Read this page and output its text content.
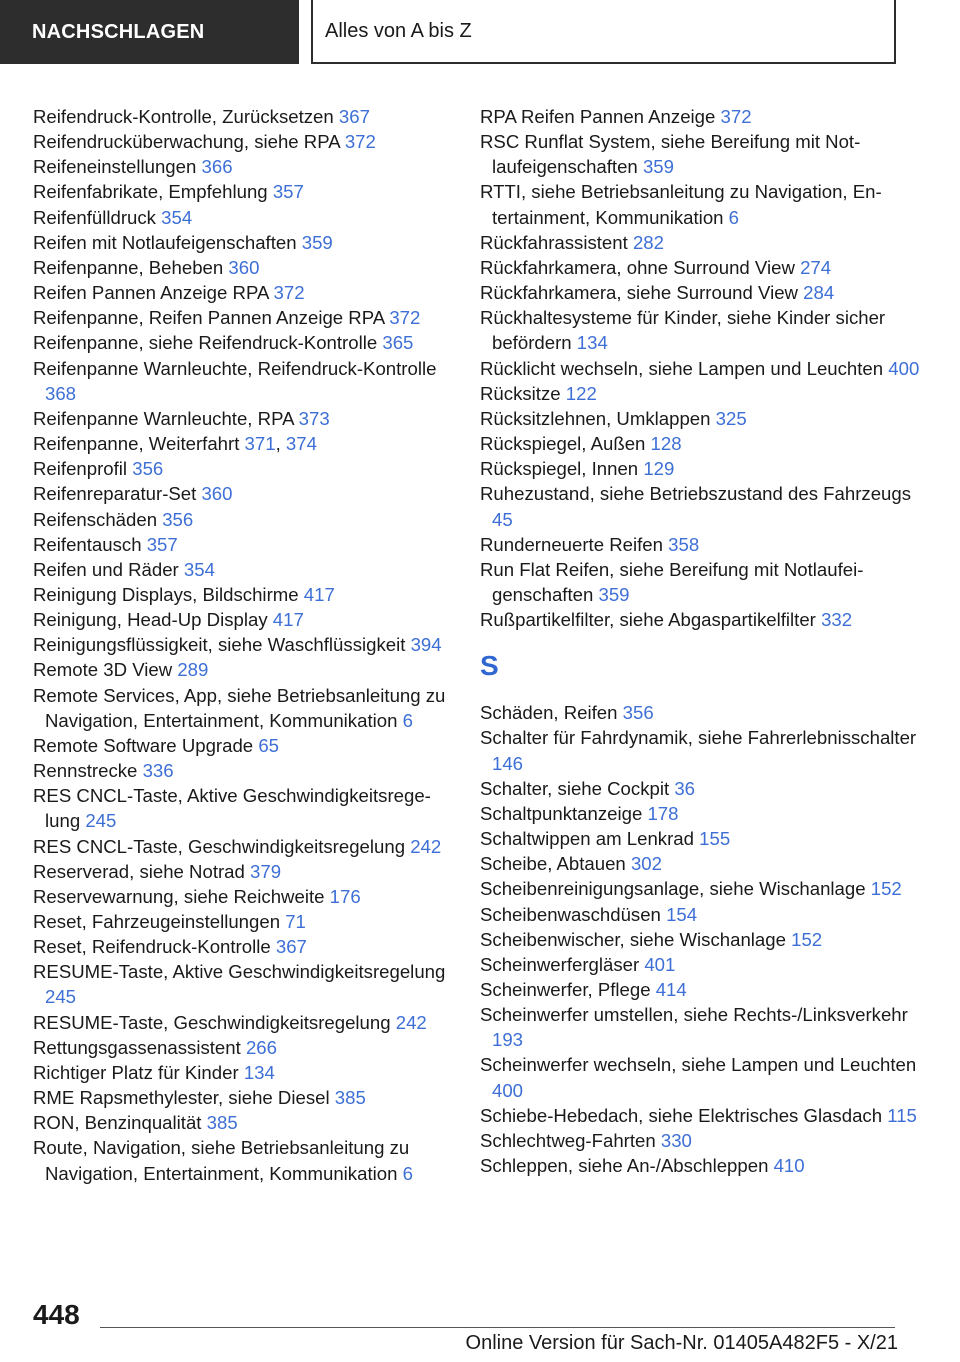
NACHSCHLAGEN	Alles von A bis Z
Reifendruck-Kontrolle, Zurücksetzen 367
Reifendrucküberwachung, siehe RPA 372
Reifeneinstellungen 366
Reifenfabrikate, Empfehlung 357
Reifenfülldruck 354
Reifen mit Notlaufeigenschaften 359
Reifenpanne, Beheben 360
Reifen Pannen Anzeige RPA 372
Reifenpanne, Reifen Pannen Anzeige RPA 372
Reifenpanne, siehe Reifendruck-Kontrolle 365
Reifenpanne Warnleuchte, Reifendruck-Kontrolle 368
Reifenpanne Warnleuchte, RPA 373
Reifenpanne, Weiterfahrt 371, 374
Reifenprofil 356
Reifenreparatur-Set 360
Reifenschäden 356
Reifentausch 357
Reifen und Räder 354
Reinigung Displays, Bildschirme 417
Reinigung, Head-Up Display 417
Reinigungsflüssigkeit, siehe Waschflüssigkeit 394
Remote 3D View 289
Remote Services, App, siehe Betriebsanleitung zu Navigation, Entertainment, Kommunikation 6
Remote Software Upgrade 65
Rennstrecke 336
RES CNCL-Taste, Aktive Geschwindigkeitsregelung 245
RES CNCL-Taste, Geschwindigkeitsregelung 242
Reserverad, siehe Notrad 379
Reservewarnung, siehe Reichweite 176
Reset, Fahrzeugeinstellungen 71
Reset, Reifendruck-Kontrolle 367
RESUME-Taste, Aktive Geschwindigkeitsregelung 245
RESUME-Taste, Geschwindigkeitsregelung 242
Rettungsgassenassistent 266
Richtiger Platz für Kinder 134
RME Rapsmethylester, siehe Diesel 385
RON, Benzinqualität 385
Route, Navigation, siehe Betriebsanleitung zu Navigation, Entertainment, Kommunikation 6
RPA Reifen Pannen Anzeige 372
RSC Runflat System, siehe Bereifung mit Notlaufeigenschaften 359
RTTI, siehe Betriebsanleitung zu Navigation, Entertainment, Kommunikation 6
Rückfahrassistent 282
Rückfahrkamera, ohne Surround View 274
Rückfahrkamera, siehe Surround View 284
Rückhaltesysteme für Kinder, siehe Kinder sicher befördern 134
Rücklicht wechseln, siehe Lampen und Leuchten 400
Rücksitze 122
Rücksitzlehnen, Umklappen 325
Rückspiegel, Außen 128
Rückspiegel, Innen 129
Ruhezustand, siehe Betriebszustand des Fahrzeugs 45
Runderneuerte Reifen 358
Run Flat Reifen, siehe Bereifung mit Notlaufeigenschaften 359
Rußpartikelfilter, siehe Abgaspartikelfilter 332
S
Schäden, Reifen 356
Schalter für Fahrdynamik, siehe Fahrerlebnisschalter 146
Schalter, siehe Cockpit 36
Schaltpunktanzeige 178
Schaltwippen am Lenkrad 155
Scheibe, Abtauen 302
Scheibenreinigungsanlage, siehe Wischanlage 152
Scheibenwaschdüsen 154
Scheibenwischer, siehe Wischanlage 152
Scheinwerfergläser 401
Scheinwerfer, Pflege 414
Scheinwerfer umstellen, siehe Rechts-/Linksverkehr 193
Scheinwerfer wechseln, siehe Lampen und Leuchten 400
Schiebe-Hebedach, siehe Elektrisches Glasdach 115
Schlechtweg-Fahrten 330
Schleppen, siehe An-/Abschleppen 410
448
Online Version für Sach-Nr. 01405A482F5 - X/21
